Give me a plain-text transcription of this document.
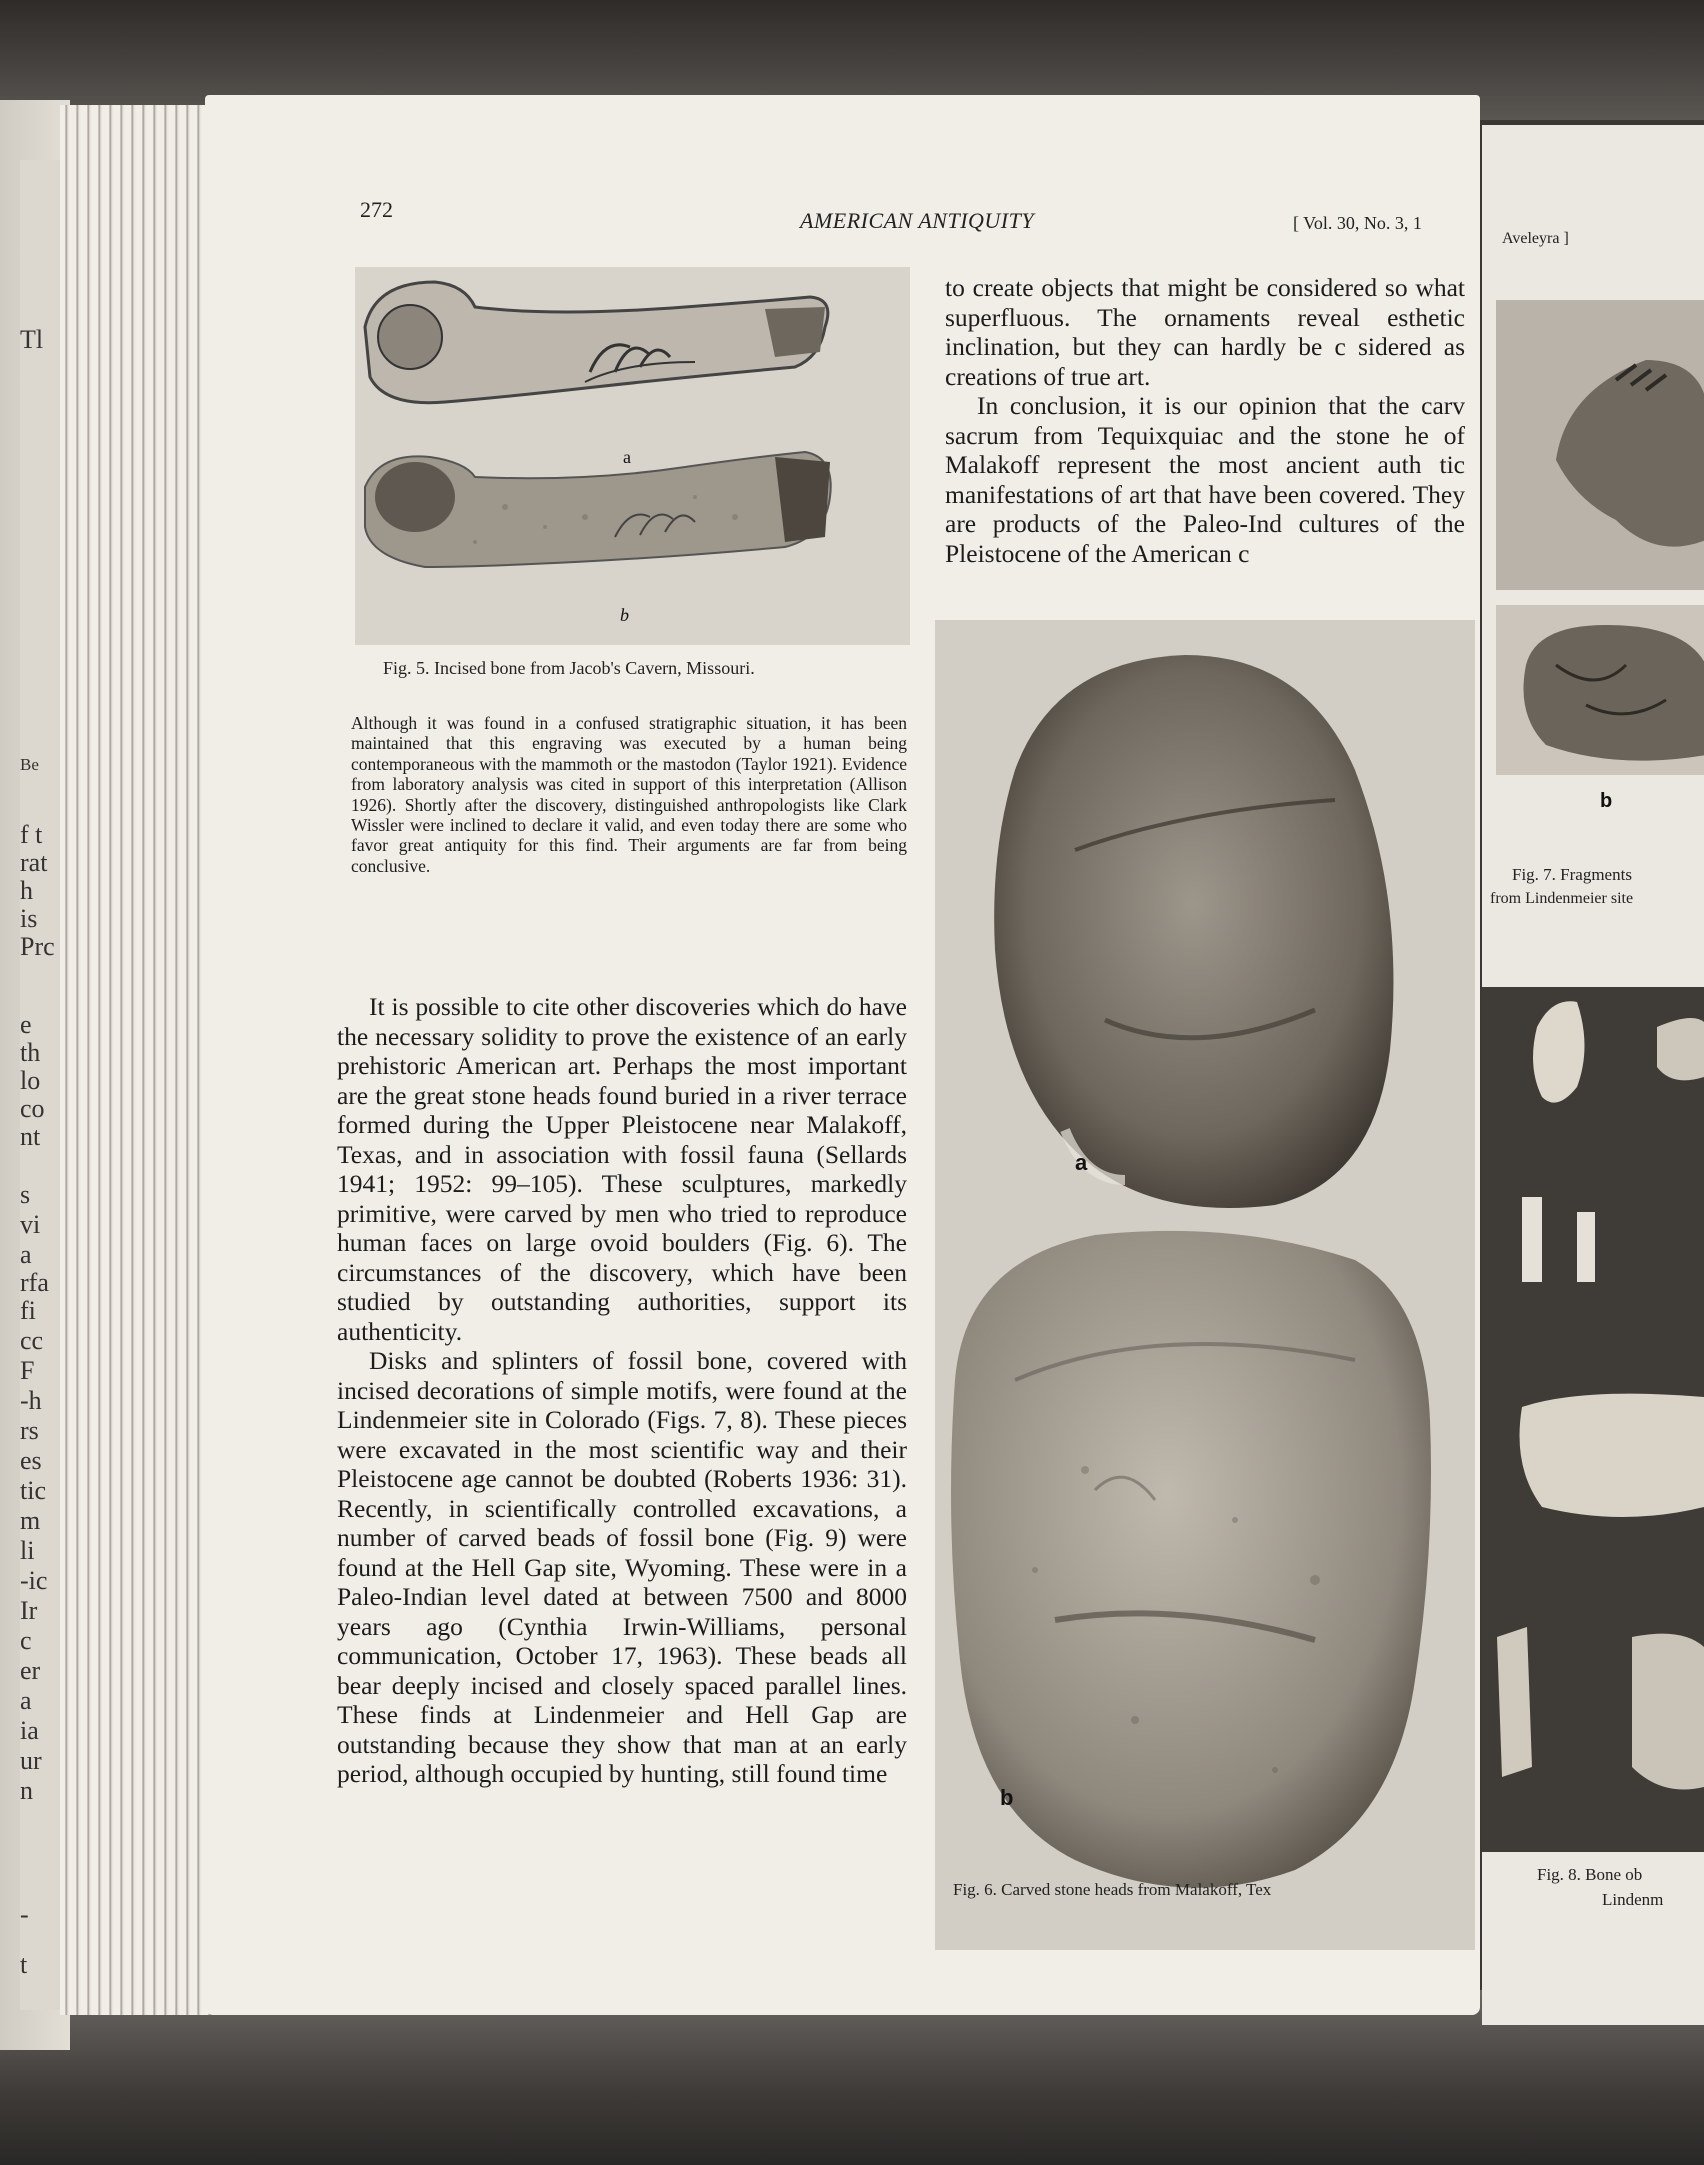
Tl
Be
f t
rat
h
is
Prc
e
th
lo
co
nt
s
vi
a
rfa
fi
cc
F
-h
rs
es
tic
m
li
-ic
Ir
c
er
a
ia
ur
n
-
t
272	AMERICAN ANTIQUITY	[ Vol. 30, No. 3, 1
a
b
Fig. 5. Incised bone from Jacob's Cavern, Missouri.
Although it was found in a confused stratigraphic situation, it has been maintained that this engraving was executed by a human being contemporaneous with the mammoth or the mastodon (Taylor 1921). Evidence from laboratory analysis was cited in support of this interpretation (Allison 1926). Shortly after the discovery, distinguished anthropologists like Clark Wissler were inclined to declare it valid, and even today there are some who favor great antiquity for this find. Their arguments are far from being conclusive.

It is possible to cite other discoveries which do have the necessary solidity to prove the existence of an early prehistoric American art. Perhaps the most important are the great stone heads found buried in a river terrace formed during the Upper Pleistocene near Malakoff, Texas, and in association with fossil fauna (Sellards 1941; 1952: 99–105). These sculptures, markedly primitive, were carved by men who tried to reproduce human faces on large ovoid boulders (Fig. 6). The circumstances of the discovery, which have been studied by outstanding authorities, support its authenticity.

Disks and splinters of fossil bone, covered with incised decorations of simple motifs, were found at the Lindenmeier site in Colorado (Figs. 7, 8). These pieces were excavated in the most scientific way and their Pleistocene age cannot be doubted (Roberts 1936: 31). Recently, in scientifically controlled excavations, a number of carved beads of fossil bone (Fig. 9) were found at the Hell Gap site, Wyoming. These were in a Paleo-Indian level dated at between 7500 and 8000 years ago (Cynthia Irwin-Williams, personal communication, October 17, 1963). These beads all bear deeply incised and closely spaced parallel lines. These finds at Lindenmeier and Hell Gap are outstanding because they show that man at an early period, although occupied by hunting, still found time

to create objects that might be considered so what superfluous. The ornaments reveal esthetic inclination, but they can hardly be c sidered as creations of true art.

In conclusion, it is our opinion that the carv sacrum from Tequixquiac and the stone he of Malakoff represent the most ancient auth tic manifestations of art that have been covered. They are products of the Paleo-Ind cultures of the Pleistocene of the American c

a
b
Fig. 6. Carved stone heads from Malakoff, Tex
Aveleyra ]
b
Fig. 7. Fragments
from Lindenmeier site
Fig. 8. Bone ob
Lindenm
